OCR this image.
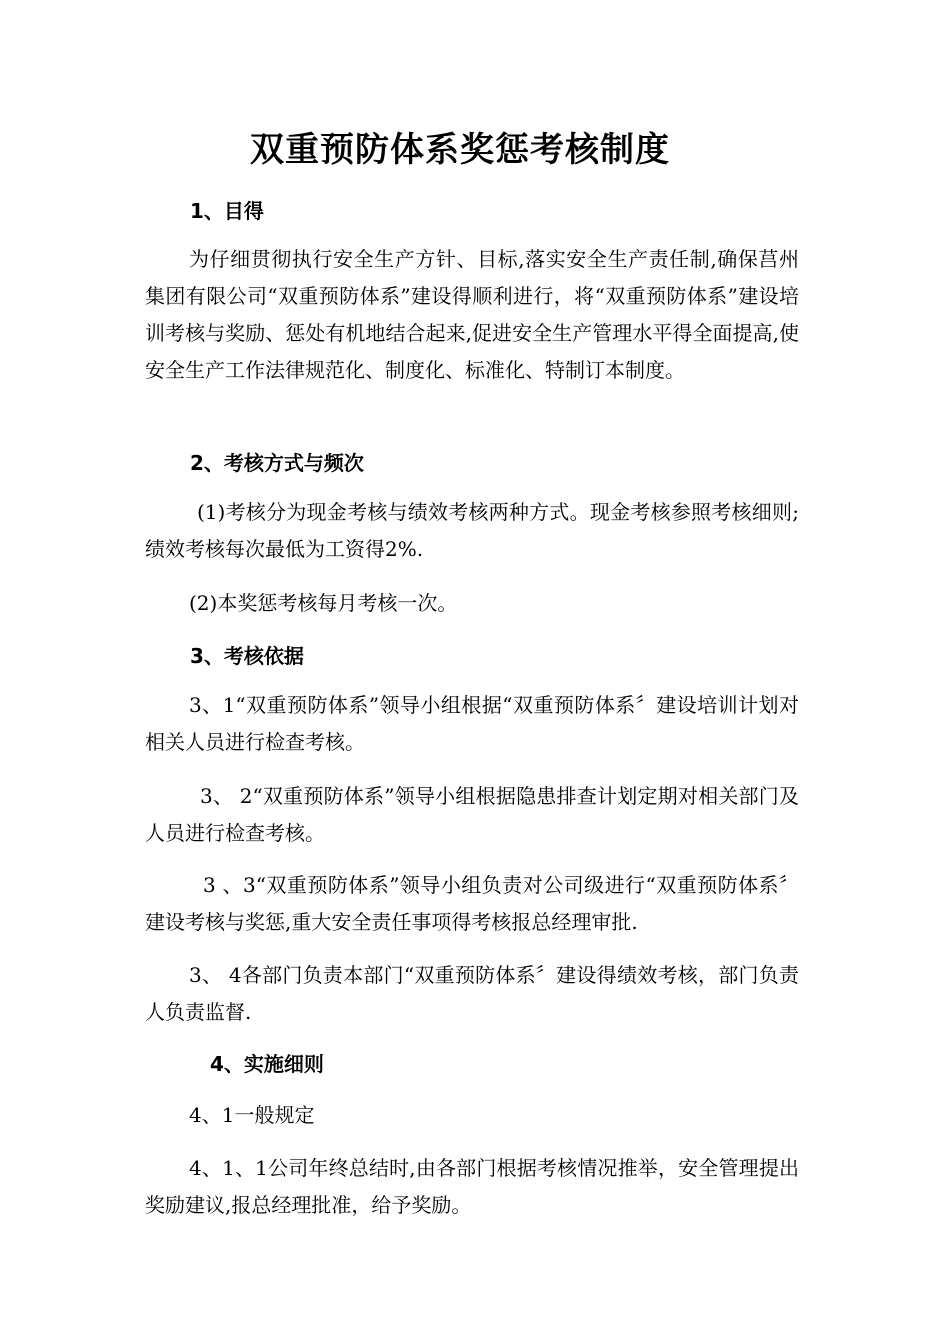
双重预防体系奖惩考核制度
1、目得
为仔细贯彻执行安全生产方针、目标,落实安全生产责任制,确保莒州集团有限公司“双重预防体系”建设得顺利进行，将“双重预防体系”建设培训考核与奖励、惩处有机地结合起来,促进安全生产管理水平得全面提高,使安全生产工作法律规范化、制度化、标准化、特制订本制度。
2、考核方式与频次
(1)考核分为现金考核与绩效考核两种方式。现金考核参照考核细则;绩效考核每次最低为工资得2%.
(2)本奖惩考核每月考核一次。
3、考核依据
3、1“双重预防体系”领导小组根据“双重预防体系〞建设培训计划对相关人员进行检查考核。
3、 2“双重预防体系”领导小组根据隐患排查计划定期对相关部门及人员进行检查考核。
3 、3“双重预防体系”领导小组负责对公司级进行“双重预防体系〞建设考核与奖惩,重大安全责任事项得考核报总经理审批.
3、 4各部门负责本部门“双重预防体系〞建设得绩效考核，部门负责人负责监督.
4、实施细则
4、1一般规定
4、1、1公司年终总结时,由各部门根据考核情况推举，安全管理提出奖励建议,报总经理批准，给予奖励。
